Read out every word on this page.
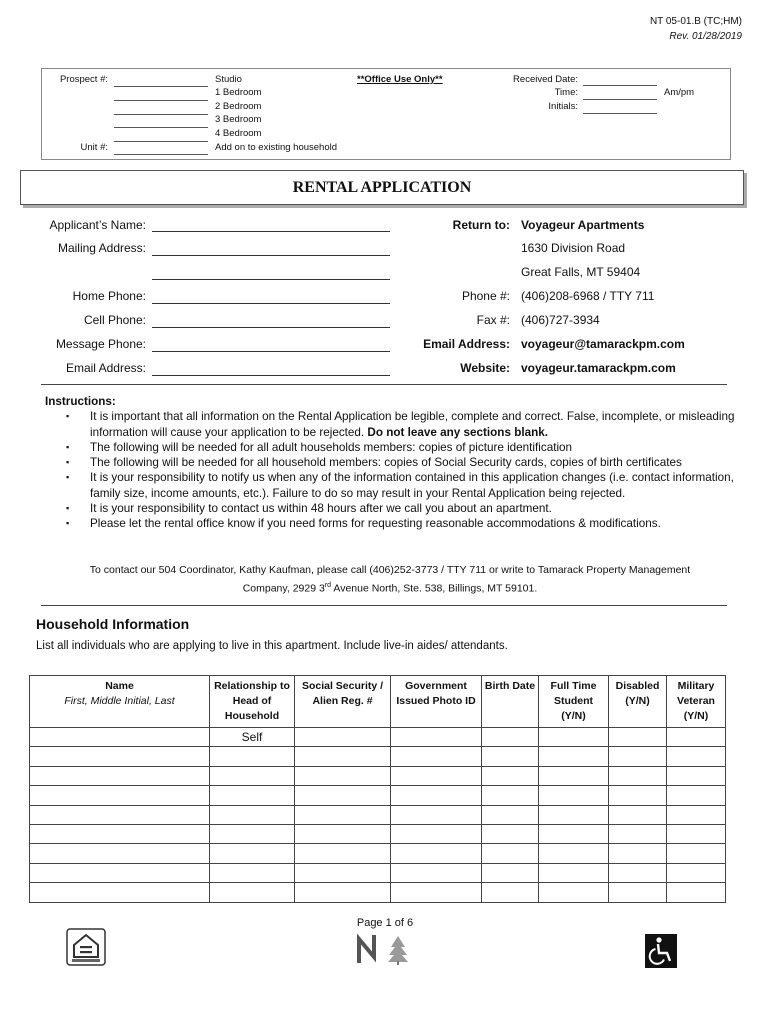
NT 05-01.B (TC;HM)
Rev. 01/28/2019
Prospect #:
Unit #:
Studio
1 Bedroom
2 Bedroom
3 Bedroom
4 Bedroom
Add on to existing household
**Office Use Only**	Received Date:
Time:	Am/pm
Initials:
RENTAL APPLICATION
Applicant’s Name:
Mailing Address:
Home Phone:
Cell Phone:
Message Phone:
Email Address:
Return to: Voyageur Apartments
1630 Division Road
Great Falls, MT 59404
Phone #: (406)208-6968 / TTY 711
Fax #: (406)727-3934
Email Address: voyageur@tamarackpm.com
Website: voyageur.tamarackpm.com
Instructions:
▪ It is important that all information on the Rental Application be legible, complete and correct. False, incomplete, or misleading information will cause your application to be rejected. Do not leave any sections blank.
▪ The following will be needed for all adult households members: copies of picture identification
▪ The following will be needed for all household members: copies of Social Security cards, copies of birth certificates
▪ It is your responsibility to notify us when any of the information contained in this application changes (i.e. contact information, family size, income amounts, etc.). Failure to do so may result in your Rental Application being rejected.
▪ It is your responsibility to contact us within 48 hours after we call you about an apartment.
▪ Please let the rental office know if you need forms for requesting reasonable accommodations & modifications.
To contact our 504 Coordinator, Kathy Kaufman, please call (406)252-3773 / TTY 711 or write to Tamarack Property Management
Company, 2929 3rd Avenue North, Ste. 538, Billings, MT 59101.
Household Information
List all individuals who are applying to live in this apartment. Include live-in aides/ attendants.
Name
First, Middle Initial, Last	Relationship to Head of Household	Social Security / Alien Reg. #	Government Issued Photo ID	Birth Date	Full Time Student (Y/N)	Disabled (Y/N)	Military Veteran (Y/N)
	Self						

Page 1 of 6
